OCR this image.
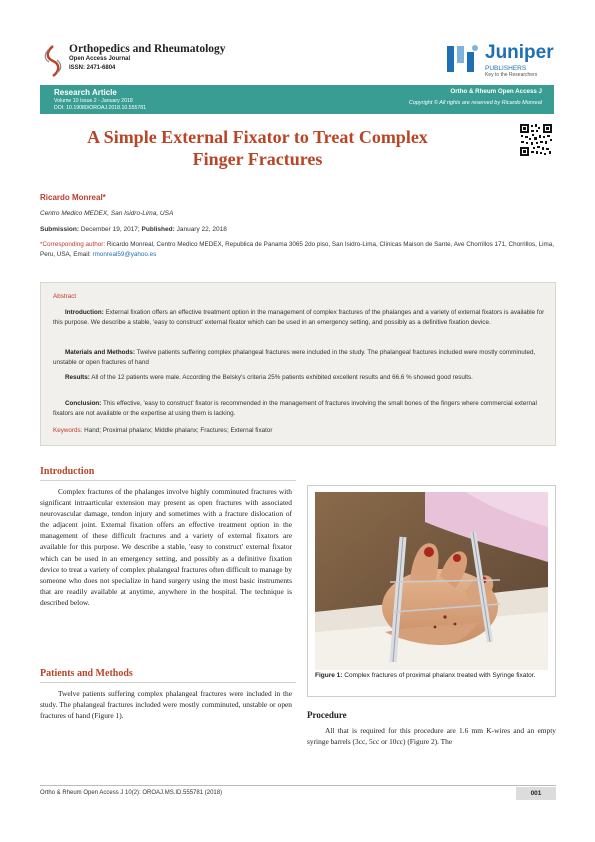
Orthopedics and Rheumatology
Open Access Journal
ISSN: 2471-6804
Juniper
PUBLISHERS
Key to the Researchers
Research Article
Volume 10 Issue 2 - January 2018
DOI: 10.19080/OROAJ.2018.10.555781
Ortho & Rheum Open Access J
Copyright © All rights are reserved by Ricardo Monreal
A Simple External Fixator to Treat Complex Finger Fractures
Ricardo Monreal*
Centro Medico MEDEX, San Isidro-Lima, USA
Submission: December 19, 2017; Published: January 22, 2018
*Corresponding author: Ricardo Monreal, Centro Medico MEDEX, Republica de Panama 3065 2do piso, San Isidro-Lima, Clinicas Maison de Sante, Ave Chorrillos 171, Chorrillos, Lima, Peru, USA, Email: rmonreal59@yahoo.es
Abstract
Introduction: External fixation offers an effective treatment option in the management of complex fractures of the phalanges and a variety of external fixators is available for this purpose. We describe a stable, 'easy to construct' external fixator which can be used in an emergency setting, and possibly as a definitive fixation device.
Materials and Methods: Twelve patients suffering complex phalangeal fractures were included in the study. The phalangeal fractures included were mostly comminuted, unstable or open fractures of hand
Results: All of the 12 patients were male. According the Belsky's criteria 25% patients exhibited excellent results and 66.6 % showed good results.
Conclusion: This effective, 'easy to construct' fixator is recommended in the management of fractures involving the small bones of the fingers where commercial external fixators are not available or the expertise at using them is lacking.
Keywords: Hand; Proximal phalanx; Middle phalanx; Fractures; External fixator
Introduction
Complex fractures of the phalanges involve highly comminuted fractures with significant intraarticular extension may present as open fractures with associated neurovascular damage, tendon injury and sometimes with a fracture dislocation of the adjacent joint. External fixation offers an effective treatment option in the management of these difficult fractures and a variety of external fixators are available for this purpose. We describe a stable, 'easy to construct' external fixator which can be used in an emergency setting, and possibly as a definitive fixation device to treat a variety of complex phalangeal fractures often difficult to manage by someone who does not specialize in hand surgery using the most basic instruments that are readily available at anytime, anywhere in the hospital. The technique is described below.
Patients and Methods
Twelve patients suffering complex phalangeal fractures were included in the study. The phalangeal fractures included were mostly comminuted, unstable or open fractures of hand (Figure 1).
Figure 1: Complex fractures of proximal phalanx treated with Syringe fixator.
Procedure
All that is required for this procedure are 1.6 mm K-wires and an empty syringe barrels (3cc, 5cc or 10cc) (Figure 2). The
Ortho & Rheum Open Access J 10(2): OROAJ.MS.ID.555781 (2018)	001
